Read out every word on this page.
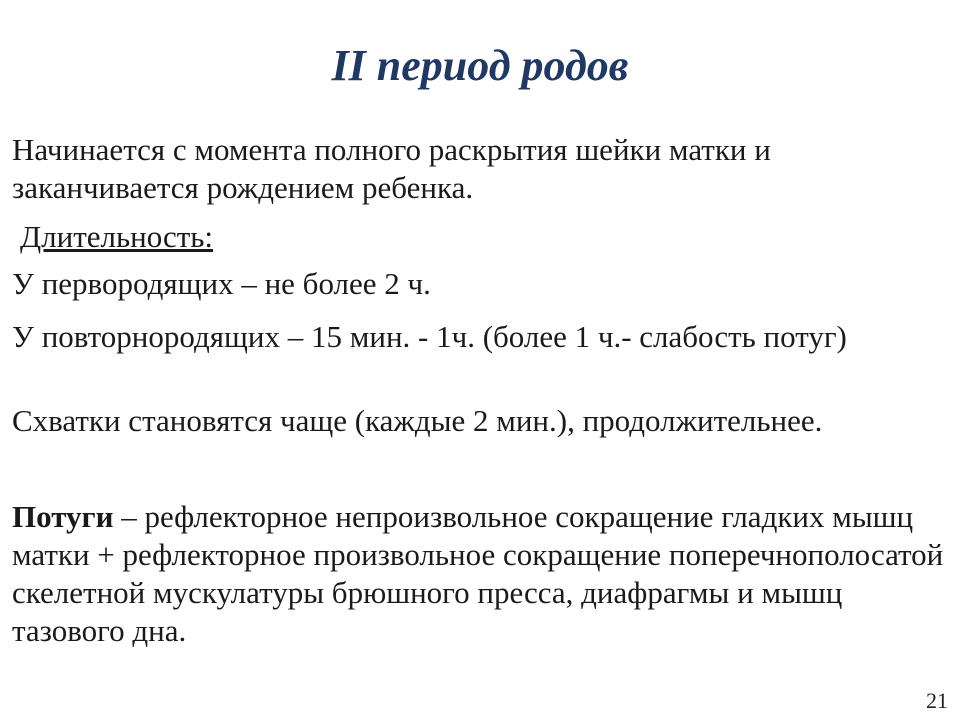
II период родов

Начинается с момента полного раскрытия шейки матки и заканчивается рождением ребенка.

Длительность:

У первородящих – не более 2 ч.

У повторнородящих – 15 мин. - 1ч. (более 1 ч.- слабость потуг)

Схватки становятся чаще (каждые 2 мин.), продолжительнее.

Потуги – рефлекторное непроизвольное сокращение гладких мышц матки + рефлекторное произвольное сокращение поперечнополосатой скелетной мускулатуры брюшного пресса, диафрагмы и мышц тазового дна.

21
